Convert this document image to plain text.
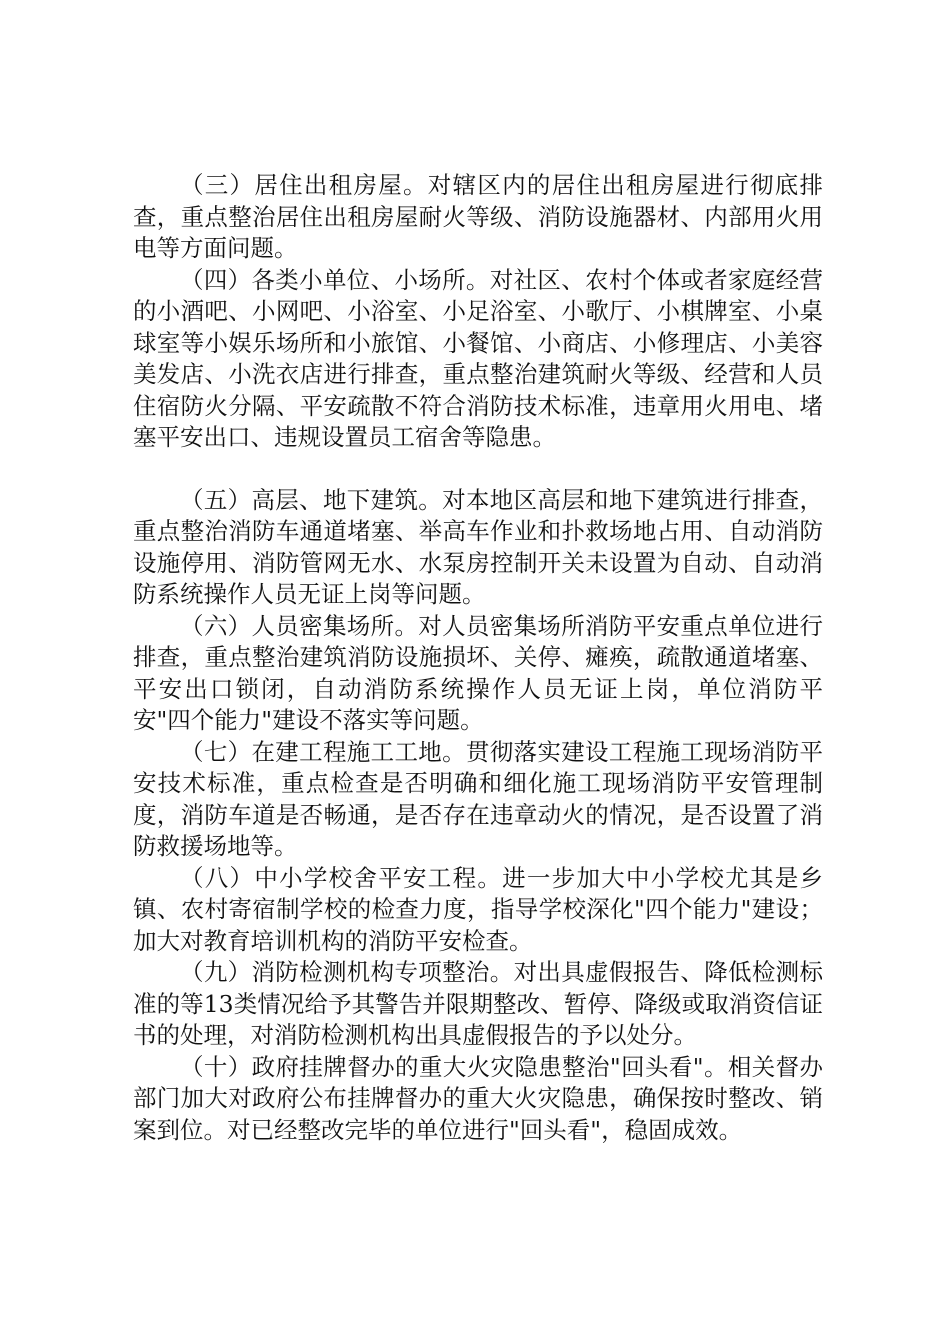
（三）居住出租房屋。对辖区内的居住出租房屋进行彻底排查，重点整治居住出租房屋耐火等级、消防设施器材、内部用火用电等方面问题。

（四）各类小单位、小场所。对社区、农村个体或者家庭经营的小酒吧、小网吧、小浴室、小足浴室、小歌厅、小棋牌室、小桌球室等小娱乐场所和小旅馆、小餐馆、小商店、小修理店、小美容美发店、小洗衣店进行排查，重点整治建筑耐火等级、经营和人员住宿防火分隔、平安疏散不符合消防技术标准，违章用火用电、堵塞平安出口、违规设置员工宿舍等隐患。

（五）高层、地下建筑。对本地区高层和地下建筑进行排查，重点整治消防车通道堵塞、举高车作业和扑救场地占用、自动消防设施停用、消防管网无水、水泵房控制开关未设置为自动、自动消防系统操作人员无证上岗等问题。

（六）人员密集场所。对人员密集场所消防平安重点单位进行排查，重点整治建筑消防设施损坏、关停、瘫痪，疏散通道堵塞、平安出口锁闭，自动消防系统操作人员无证上岗，单位消防平安"四个能力"建设不落实等问题。

（七）在建工程施工工地。贯彻落实建设工程施工现场消防平安技术标准，重点检查是否明确和细化施工现场消防平安管理制度，消防车道是否畅通，是否存在违章动火的情况，是否设置了消防救援场地等。

（八）中小学校舍平安工程。进一步加大中小学校尤其是乡镇、农村寄宿制学校的检查力度，指导学校深化"四个能力"建设；加大对教育培训机构的消防平安检查。

（九）消防检测机构专项整治。对出具虚假报告、降低检测标准的等13类情况给予其警告并限期整改、暂停、降级或取消资信证书的处理，对消防检测机构出具虚假报告的予以处分。

（十）政府挂牌督办的重大火灾隐患整治"回头看"。相关督办部门加大对政府公布挂牌督办的重大火灾隐患，确保按时整改、销案到位。对已经整改完毕的单位进行"回头看"，稳固成效。
